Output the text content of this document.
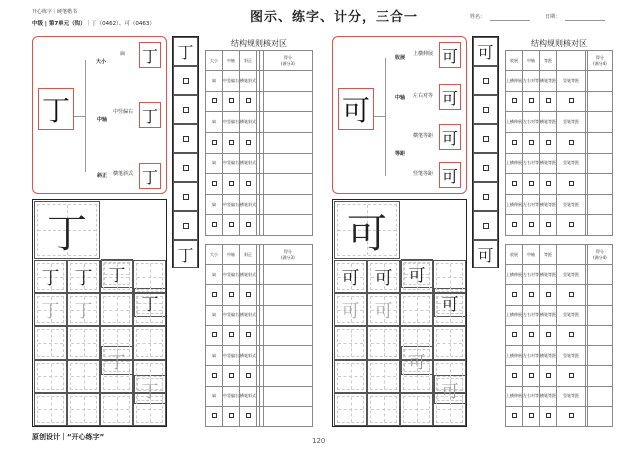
开心练字｜硬笔楷书	图示、练字、计分，三合一	姓名：	日期：
中级 | 第7单元（钩）｜丁（0462）、可（0463）
丁
大小
中轴
斜正
扁
中竖偏右
横笔斜式
丁
丁
丁
丁
丁
丁
丁
丁
丁
丁
丁 丁
丁 丁
结构规则核对区
大小	中轴	斜正			得分
(满分3)
扁	中竖偏右	横笔斜式			

扁	中竖偏右	横笔斜式			

扁	中竖偏右	横笔斜式			

扁	中竖偏右	横笔斜式			

大小	中轴	斜正			得分
(满分3)
扁	中竖偏右	横笔斜式			

扁	中竖偏右	横笔斜式			

扁	中竖偏右	横笔斜式			

扁	中竖偏右	横笔斜式			

可
收展
中轴
等距
上横伸展
左右对等
横笔等距
竖笔等距
可
可
可
可
可
可
可
可
可
可
可
可 可
可 可
结构规则核对区
收展	中轴	等距			得分
(满分4)
上横伸展	左右对等	横笔等距	竖笔等距		

上横伸展	左右对等	横笔等距	竖笔等距		

上横伸展	左右对等	横笔等距	竖笔等距		

上横伸展	左右对等	横笔等距	竖笔等距		

收展	中轴	等距			得分
(满分4)
上横伸展	左右对等	横笔等距	竖笔等距		

上横伸展	左右对等	横笔等距	竖笔等距		

上横伸展	左右对等	横笔等距	竖笔等距		

上横伸展	左右对等	横笔等距	竖笔等距		

原创设计｜“开心练字”	120
